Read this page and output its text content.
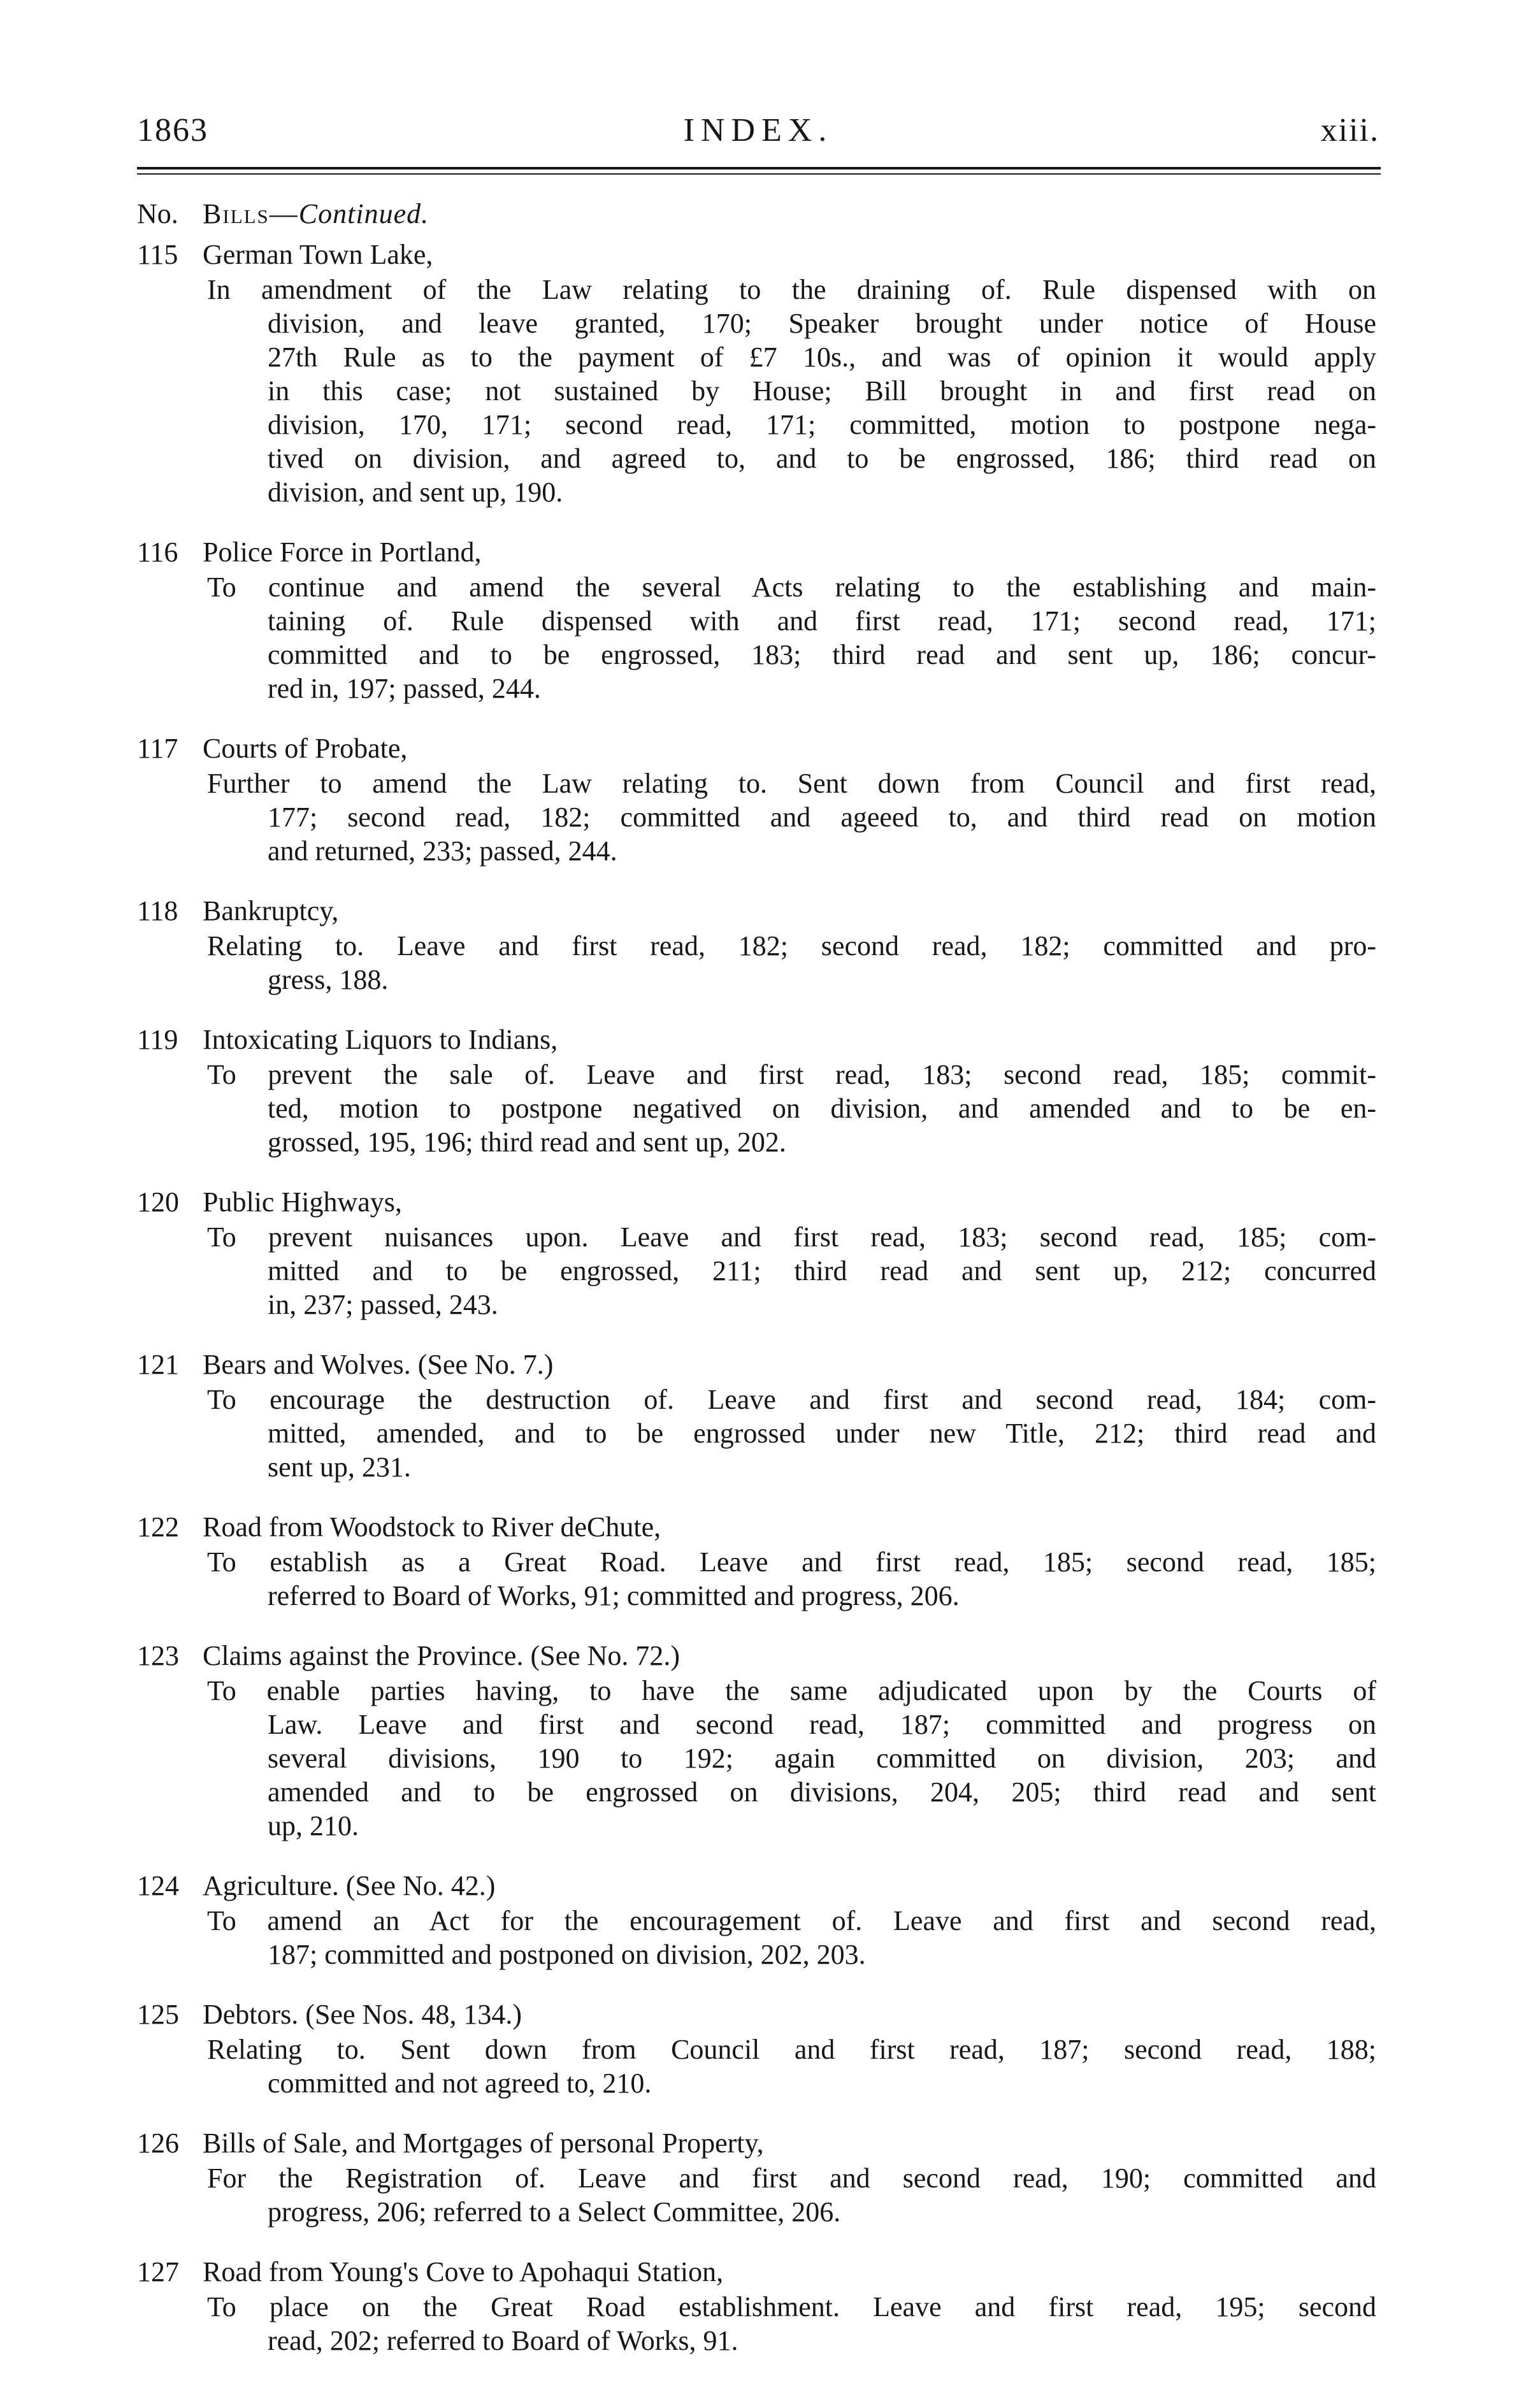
1863	INDEX.	xiii.
No. Bills—Continued.
115 German Town Lake,
In amendment of the Law relating to the draining of. Rule dispensed with on
division, and leave granted, 170; Speaker brought under notice of House
27th Rule as to the payment of £7 10s., and was of opinion it would apply
in this case; not sustained by House; Bill brought in and first read on
division, 170, 171; second read, 171; committed, motion to postpone nega-
tived on division, and agreed to, and to be engrossed, 186; third read on
division, and sent up, 190.
116 Police Force in Portland,
To continue and amend the several Acts relating to the establishing and main-
taining of. Rule dispensed with and first read, 171; second read, 171;
committed and to be engrossed, 183; third read and sent up, 186; concur-
red in, 197; passed, 244.
117 Courts of Probate,
Further to amend the Law relating to. Sent down from Council and first read,
177; second read, 182; committed and ageeed to, and third read on motion
and returned, 233; passed, 244.
118 Bankruptcy,
Relating to. Leave and first read, 182; second read, 182; committed and pro-
gress, 188.
119 Intoxicating Liquors to Indians,
To prevent the sale of. Leave and first read, 183; second read, 185; commit-
ted, motion to postpone negatived on division, and amended and to be en-
grossed, 195, 196; third read and sent up, 202.
120 Public Highways,
To prevent nuisances upon. Leave and first read, 183; second read, 185; com-
mitted and to be engrossed, 211; third read and sent up, 212; concurred
in, 237; passed, 243.
121 Bears and Wolves. (See No. 7.)
To encourage the destruction of. Leave and first and second read, 184; com-
mitted, amended, and to be engrossed under new Title, 212; third read and
sent up, 231.
122 Road from Woodstock to River deChute,
To establish as a Great Road. Leave and first read, 185; second read, 185;
referred to Board of Works, 91; committed and progress, 206.
123 Claims against the Province. (See No. 72.)
To enable parties having, to have the same adjudicated upon by the Courts of
Law. Leave and first and second read, 187; committed and progress on
several divisions, 190 to 192; again committed on division, 203; and
amended and to be engrossed on divisions, 204, 205; third read and sent
up, 210.
124 Agriculture. (See No. 42.)
To amend an Act for the encouragement of. Leave and first and second read,
187; committed and postponed on division, 202, 203.
125 Debtors. (See Nos. 48, 134.)
Relating to. Sent down from Council and first read, 187; second read, 188;
committed and not agreed to, 210.
126 Bills of Sale, and Mortgages of personal Property,
For the Registration of. Leave and first and second read, 190; committed and
progress, 206; referred to a Select Committee, 206.
127 Road from Young's Cove to Apohaqui Station,
To place on the Great Road establishment. Leave and first read, 195; second
read, 202; referred to Board of Works, 91.
